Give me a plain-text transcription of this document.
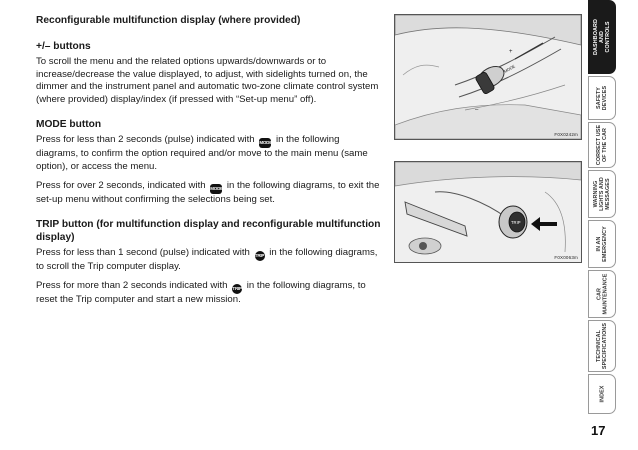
Reconfigurable multifunction display (where provided)
+/– buttons

To scroll the menu and the related options upwards/downwards or to increase/decrease the value displayed, to adjust, with sidelights turned on, the dimmer and the instrument panel and automatic two-zone climate control system (where provided) display/index (if pressed with “Set-up menu” off).

MODE button

Press for less than 2 seconds (pulse) indicated with MODE in the following diagrams, to confirm the option required and/or move to the main menu (same option), or access the menu.

Press for over 2 seconds, indicated with MODE in the following diagrams, to exit the set-up menu without confirming the selections being set.

TRIP button (for multifunction display and reconfigurable multifunction display)

Press for less than 1 second (pulse) indicated with TRIP in the following diagrams, to scroll the Trip computer display.

Press for more than 2 seconds indicated with TRIP in the following diagrams, to reset the Trip computer and start a new mission.

+
–
MODE
F0X0242m
TRIP
F0X0063m
DASHBOARD
AND
CONTROLS
SAFETY
DEVICES
CORRECT USE
OF THE CAR
WARNING
LIGHTS AND
MESSAGES
IN AN
EMERGENCY
CAR
MAINTENANCE
TECHNICAL
SPECIFICATIONS
INDEX
17
